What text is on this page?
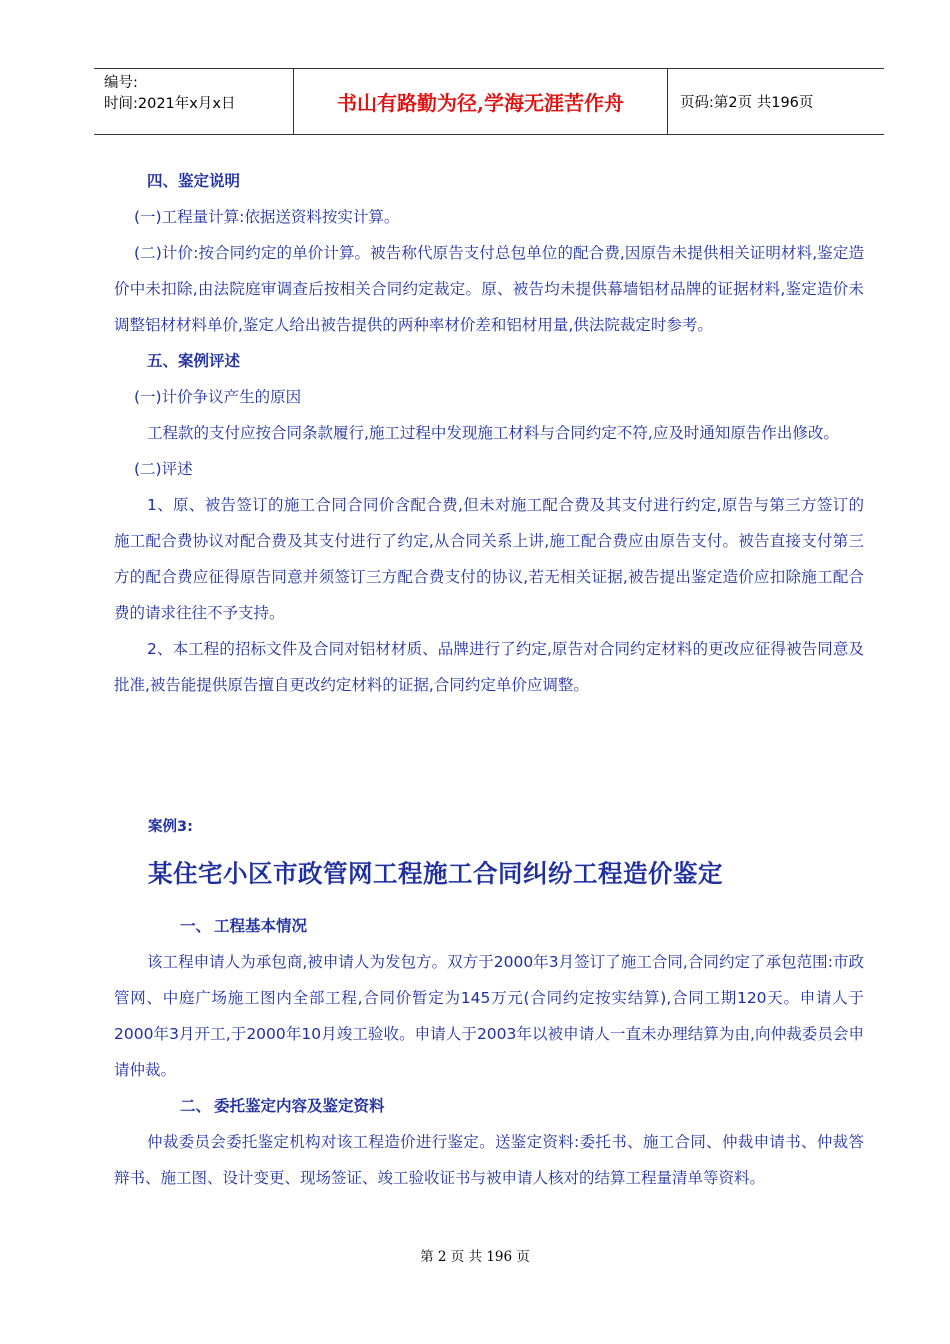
编号:
时间:2021年x月x日	书山有路勤为径,学海无涯苦作舟	页码:第2页 共196页

四、鉴定说明

(一)工程量计算:依据送资料按实计算。

(二)计价:按合同约定的单价计算。被告称代原告支付总包单位的配合费,因原告未提供相关证明材料,鉴定造价中未扣除,由法院庭审调查后按相关合同约定裁定。原、被告均未提供幕墙铝材品牌的证据材料,鉴定造价未调整铝材材料单价,鉴定人给出被告提供的两种率材价差和铝材用量,供法院裁定时参考。

五、案例评述

(一)计价争议产生的原因

工程款的支付应按合同条款履行,施工过程中发现施工材料与合同约定不符,应及时通知原告作出修改。

(二)评述

1、原、被告签订的施工合同合同价含配合费,但未对施工配合费及其支付进行约定,原告与第三方签订的施工配合费协议对配合费及其支付进行了约定,从合同关系上讲,施工配合费应由原告支付。被告直接支付第三方的配合费应征得原告同意并须签订三方配合费支付的协议,若无相关证据,被告提出鉴定造价应扣除施工配合费的请求往往不予支持。

2、本工程的招标文件及合同对铝材材质、品牌进行了约定,原告对合同约定材料的更改应征得被告同意及批准,被告能提供原告擅自更改约定材料的证据,合同约定单价应调整。

案例3:
某住宅小区市政管网工程施工合同纠纷工程造价鉴定

一、 工程基本情况

该工程申请人为承包商,被申请人为发包方。双方于2000年3月签订了施工合同,合同约定了承包范围:市政管网、中庭广场施工图内全部工程,合同价暂定为145万元(合同约定按实结算),合同工期120天。申请人于2000年3月开工,于2000年10月竣工验收。申请人于2003年以被申请人一直未办理结算为由,向仲裁委员会申请仲裁。

二、 委托鉴定内容及鉴定资料

仲裁委员会委托鉴定机构对该工程造价进行鉴定。送鉴定资料:委托书、施工合同、仲裁申请书、仲裁答辩书、施工图、设计变更、现场签证、竣工验收证书与被申请人核对的结算工程量清单等资料。

第 2 页 共 196 页
